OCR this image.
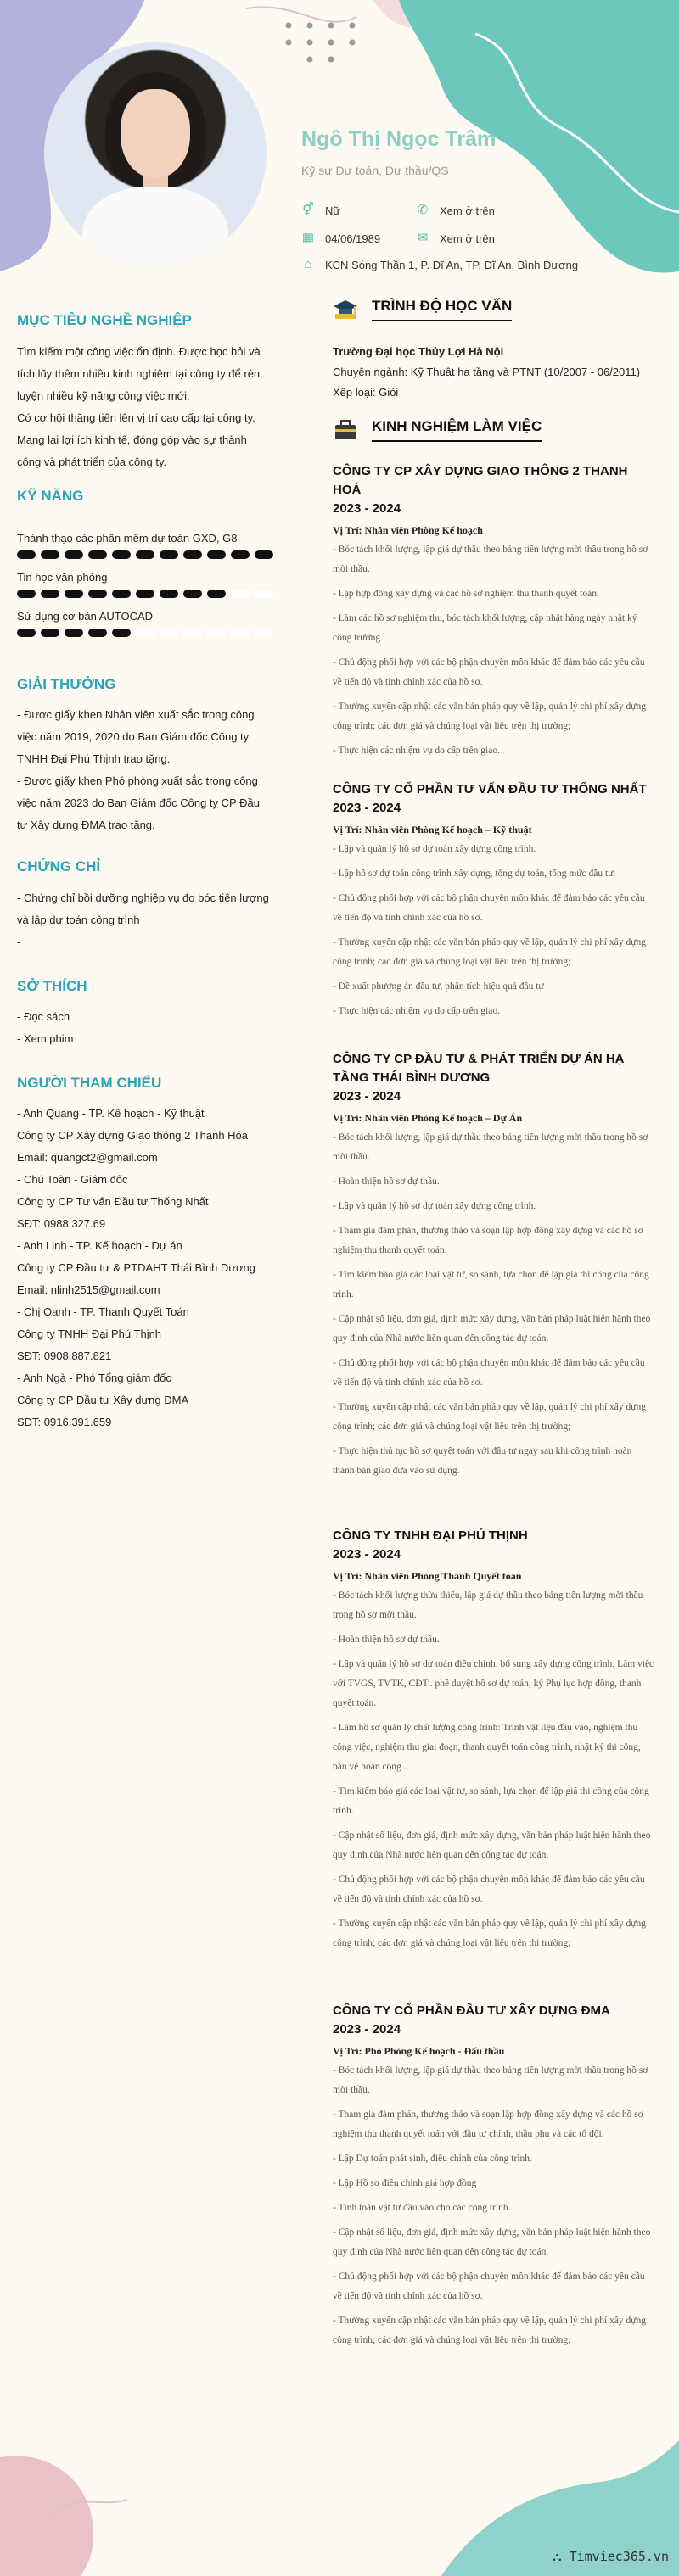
Ngô Thị Ngọc Trâm
Kỹ sư Dự toán, Dự thầu/QS
⚥ Nữ	✆ Xem ở trên
▦ 04/06/1989	✉ Xem ở trên
⌂ KCN Sóng Thần 1, P. Dĩ An, TP. Dĩ An, Bình Dương
MỤC TIÊU NGHỀ NGHIỆP
Tìm kiếm một công việc ổn định. Được học hỏi và tích lũy thêm nhiều kinh nghiệm tại công ty để rèn luyện nhiều kỹ năng công việc mới.
Có cơ hội thăng tiến lên vị trí cao cấp tại công ty. Mang lại lợi ích kinh tế, đóng góp vào sự thành công và phát triển của công ty.
KỸ NĂNG
Thành thạo các phần mềm dự toán GXD, G8
Tin học văn phòng
Sử dụng cơ bản AUTOCAD
GIẢI THƯỞNG
- Được giấy khen Nhân viên xuất sắc trong công việc năm 2019, 2020 do Ban Giám đốc Công ty TNHH Đại Phú Thịnh trao tặng.
- Được giấy khen Phó phòng xuất sắc trong công việc năm 2023 do Ban Giám đốc Công ty CP Đầu tư Xây dựng ĐMA trao tặng.
CHỨNG CHỈ
- Chứng chỉ bồi dưỡng nghiệp vụ đo bóc tiên lượng và lập dự toán công trình
-
SỞ THÍCH
- Đọc sách
- Xem phim
NGƯỜI THAM CHIẾU
- Anh Quang - TP. Kế hoạch - Kỹ thuật
Công ty CP Xây dựng Giao thông 2 Thanh Hóa
Email: quangct2@gmail.com
- Chú Toàn - Giám đốc
Công ty CP Tư vấn Đầu tư Thống Nhất
SĐT: 0988.327.69
- Anh Linh - TP. Kế hoạch - Dự án
Công ty CP Đầu tư & PTDAHT Thái Bình Dương
Email: nlinh2515@gmail.com
- Chị Oanh - TP. Thanh Quyết Toán
Công ty TNHH Đại Phú Thịnh
SĐT: 0908.887.821
- Anh Ngà - Phó Tổng giám đốc
Công ty CP Đầu tư Xây dựng ĐMA
SĐT: 0916.391.659
TRÌNH ĐỘ HỌC VẤN
Trường Đại học Thủy Lợi Hà Nội
Chuyên ngành: Kỹ Thuật hạ tầng và PTNT (10/2007 - 06/2011)
Xếp loại: Giỏi
KINH NGHIỆM LÀM VIỆC
CÔNG TY CP XÂY DỰNG GIAO THÔNG 2 THANH HOÁ
2023 - 2024
Vị Trí: Nhân viên Phòng Kế hoạch
- Bóc tách khối lượng, lập giá dự thầu theo bảng tiên lượng mời thầu trong hồ sơ mời thầu.
- Lập hợp đồng xây dựng và các hồ sơ nghiệm thu thanh quyết toán.
- Làm các hồ sơ nghiệm thu, bóc tách khối lượng; cập nhật hàng ngày nhật ký công trường.
- Chủ động phối hợp với các bộ phận chuyên môn khác để đảm bảo các yêu cầu về tiến độ và tính chính xác của hồ sơ.
- Thường xuyên cập nhật các văn bản pháp quy về lập, quản lý chi phí xây dựng công trình; các đơn giá và chúng loại vật liệu trên thị trường;
- Thực hiện các nhiệm vụ do cấp trên giao.
CÔNG TY CỔ PHẦN TƯ VẤN ĐẦU TƯ THỐNG NHẤT
2023 - 2024
Vị Trí: Nhân viên Phòng Kế hoạch – Kỹ thuật
- Lập và quản lý hồ sơ dự toán xây dựng công trình.
- Lập hồ sơ dự toán công trình xây dựng, tổng dự toán, tổng mức đầu tư.
- Chủ động phối hợp với các bộ phận chuyên môn khác để đảm bảo các yêu cầu về tiến độ và tính chính xác của hồ sơ.
- Thường xuyên cập nhật các văn bản pháp quy về lập, quản lý chi phí xây dựng công trình; các đơn giá và chúng loại vật liệu trên thị trường;
- Đề xuất phương án đầu tư, phân tích hiệu quả đầu tư
- Thực hiện các nhiệm vụ do cấp trên giao.
CÔNG TY CP ĐẦU TƯ & PHÁT TRIỂN DỰ ÁN HẠ TẦNG THÁI BÌNH DƯƠNG
2023 - 2024
Vị Trí: Nhân viên Phòng Kế hoạch – Dự Án
- Bóc tách khối lượng, lập giá dự thầu theo bảng tiên lượng mời thầu trong hồ sơ mời thầu.
- Hoàn thiện hồ sơ dự thầu.
- Lập và quản lý hồ sơ dự toán xây dựng công trình.
- Tham gia đàm phán, thương thảo và soạn lập hợp đồng xây dựng và các hồ sơ nghiệm thu thanh quyết toán.
- Tìm kiếm báo giá các loại vật tư, so sánh, lựa chọn để lập giá thi công của công trình.
- Cập nhật số liệu, đơn giá, định mức xây dựng, văn bản pháp luật hiện hành theo quy định của Nhà nước liên quan đến công tác dự toán.
- Chủ động phối hợp với các bộ phận chuyên môn khác để đảm bảo các yêu cầu về tiến độ và tính chính xác của hồ sơ.
- Thường xuyên cập nhật các văn bản pháp quy về lập, quản lý chi phí xây dựng công trình; các đơn giá và chúng loại vật liệu trên thị trường;
- Thực hiện thủ tục hồ sơ quyết toán với đầu tư ngay sau khi công trình hoàn thành bàn giao đưa vào sử dụng.
CÔNG TY TNHH ĐẠI PHÚ THỊNH
2023 - 2024
Vị Trí: Nhân viên Phòng Thanh Quyết toán
- Bóc tách khối lượng thừa thiếu, lập giá dự thầu theo bảng tiên lượng mời thầu trong hồ sơ mời thầu.
- Hoàn thiện hồ sơ dự thầu.
- Lập và quản lý hồ sơ dự toán điều chỉnh, bổ sung xây dựng công trình. Làm việc với TVGS, TVTK, CĐT.. phê duyệt hồ sơ dự toán, ký Phụ lục hợp đồng, thanh quyết toán.
- Làm hồ sơ quản lý chất lượng công trình: Trình vật liệu đầu vào, nghiệm thu công việc, nghiệm thu giai đoạn, thanh quyết toán công trình, nhật ký thi công, bản vẽ hoàn công...
- Tìm kiếm báo giá các loại vật tư, so sánh, lựa chọn để lập giá thi công của công trình.
- Cập nhật số liệu, đơn giá, định mức xây dựng, văn bản pháp luật hiện hành theo quy định của Nhà nước liên quan đến công tác dự toán.
- Chủ động phối hợp với các bộ phận chuyên môn khác để đảm bảo các yêu cầu về tiến độ và tính chính xác của hồ sơ.
- Thường xuyên cập nhật các văn bản pháp quy về lập, quản lý chi phí xây dựng công trình; các đơn giá và chúng loại vật liệu trên thị trường;
CÔNG TY CỔ PHẦN ĐẦU TƯ XÂY DỰNG ĐMA
2023 - 2024
Vị Trí: Phó Phòng Kế hoạch - Đấu thầu
- Bóc tách khối lượng, lập giá dự thầu theo bảng tiên lượng mời thầu trong hồ sơ mời thầu.
- Tham gia đàm phán, thương thảo và soạn lập hợp đồng xây dựng và các hồ sơ nghiệm thu thanh quyết toán với đầu tư chính, thầu phụ và các tổ đội.
- Lập Dự toán phát sinh, điều chỉnh của công trình.
- Lập Hồ sơ điều chỉnh giá hợp đồng
- Tính toán vật tư đầu vào cho các công trình.
- Cập nhật số liệu, đơn giá, định mức xây dựng, văn bản pháp luật hiện hành theo quy định của Nhà nước liên quan đến công tác dự toán.
- Chủ động phối hợp với các bộ phận chuyên môn khác để đảm bảo các yêu cầu về tiến độ và tính chính xác của hồ sơ.
- Thường xuyên cập nhật các văn bản pháp quy về lập, quản lý chi phí xây dựng công trình; các đơn giá và chúng loại vật liệu trên thị trường;
⛬ Timviec365.vn
